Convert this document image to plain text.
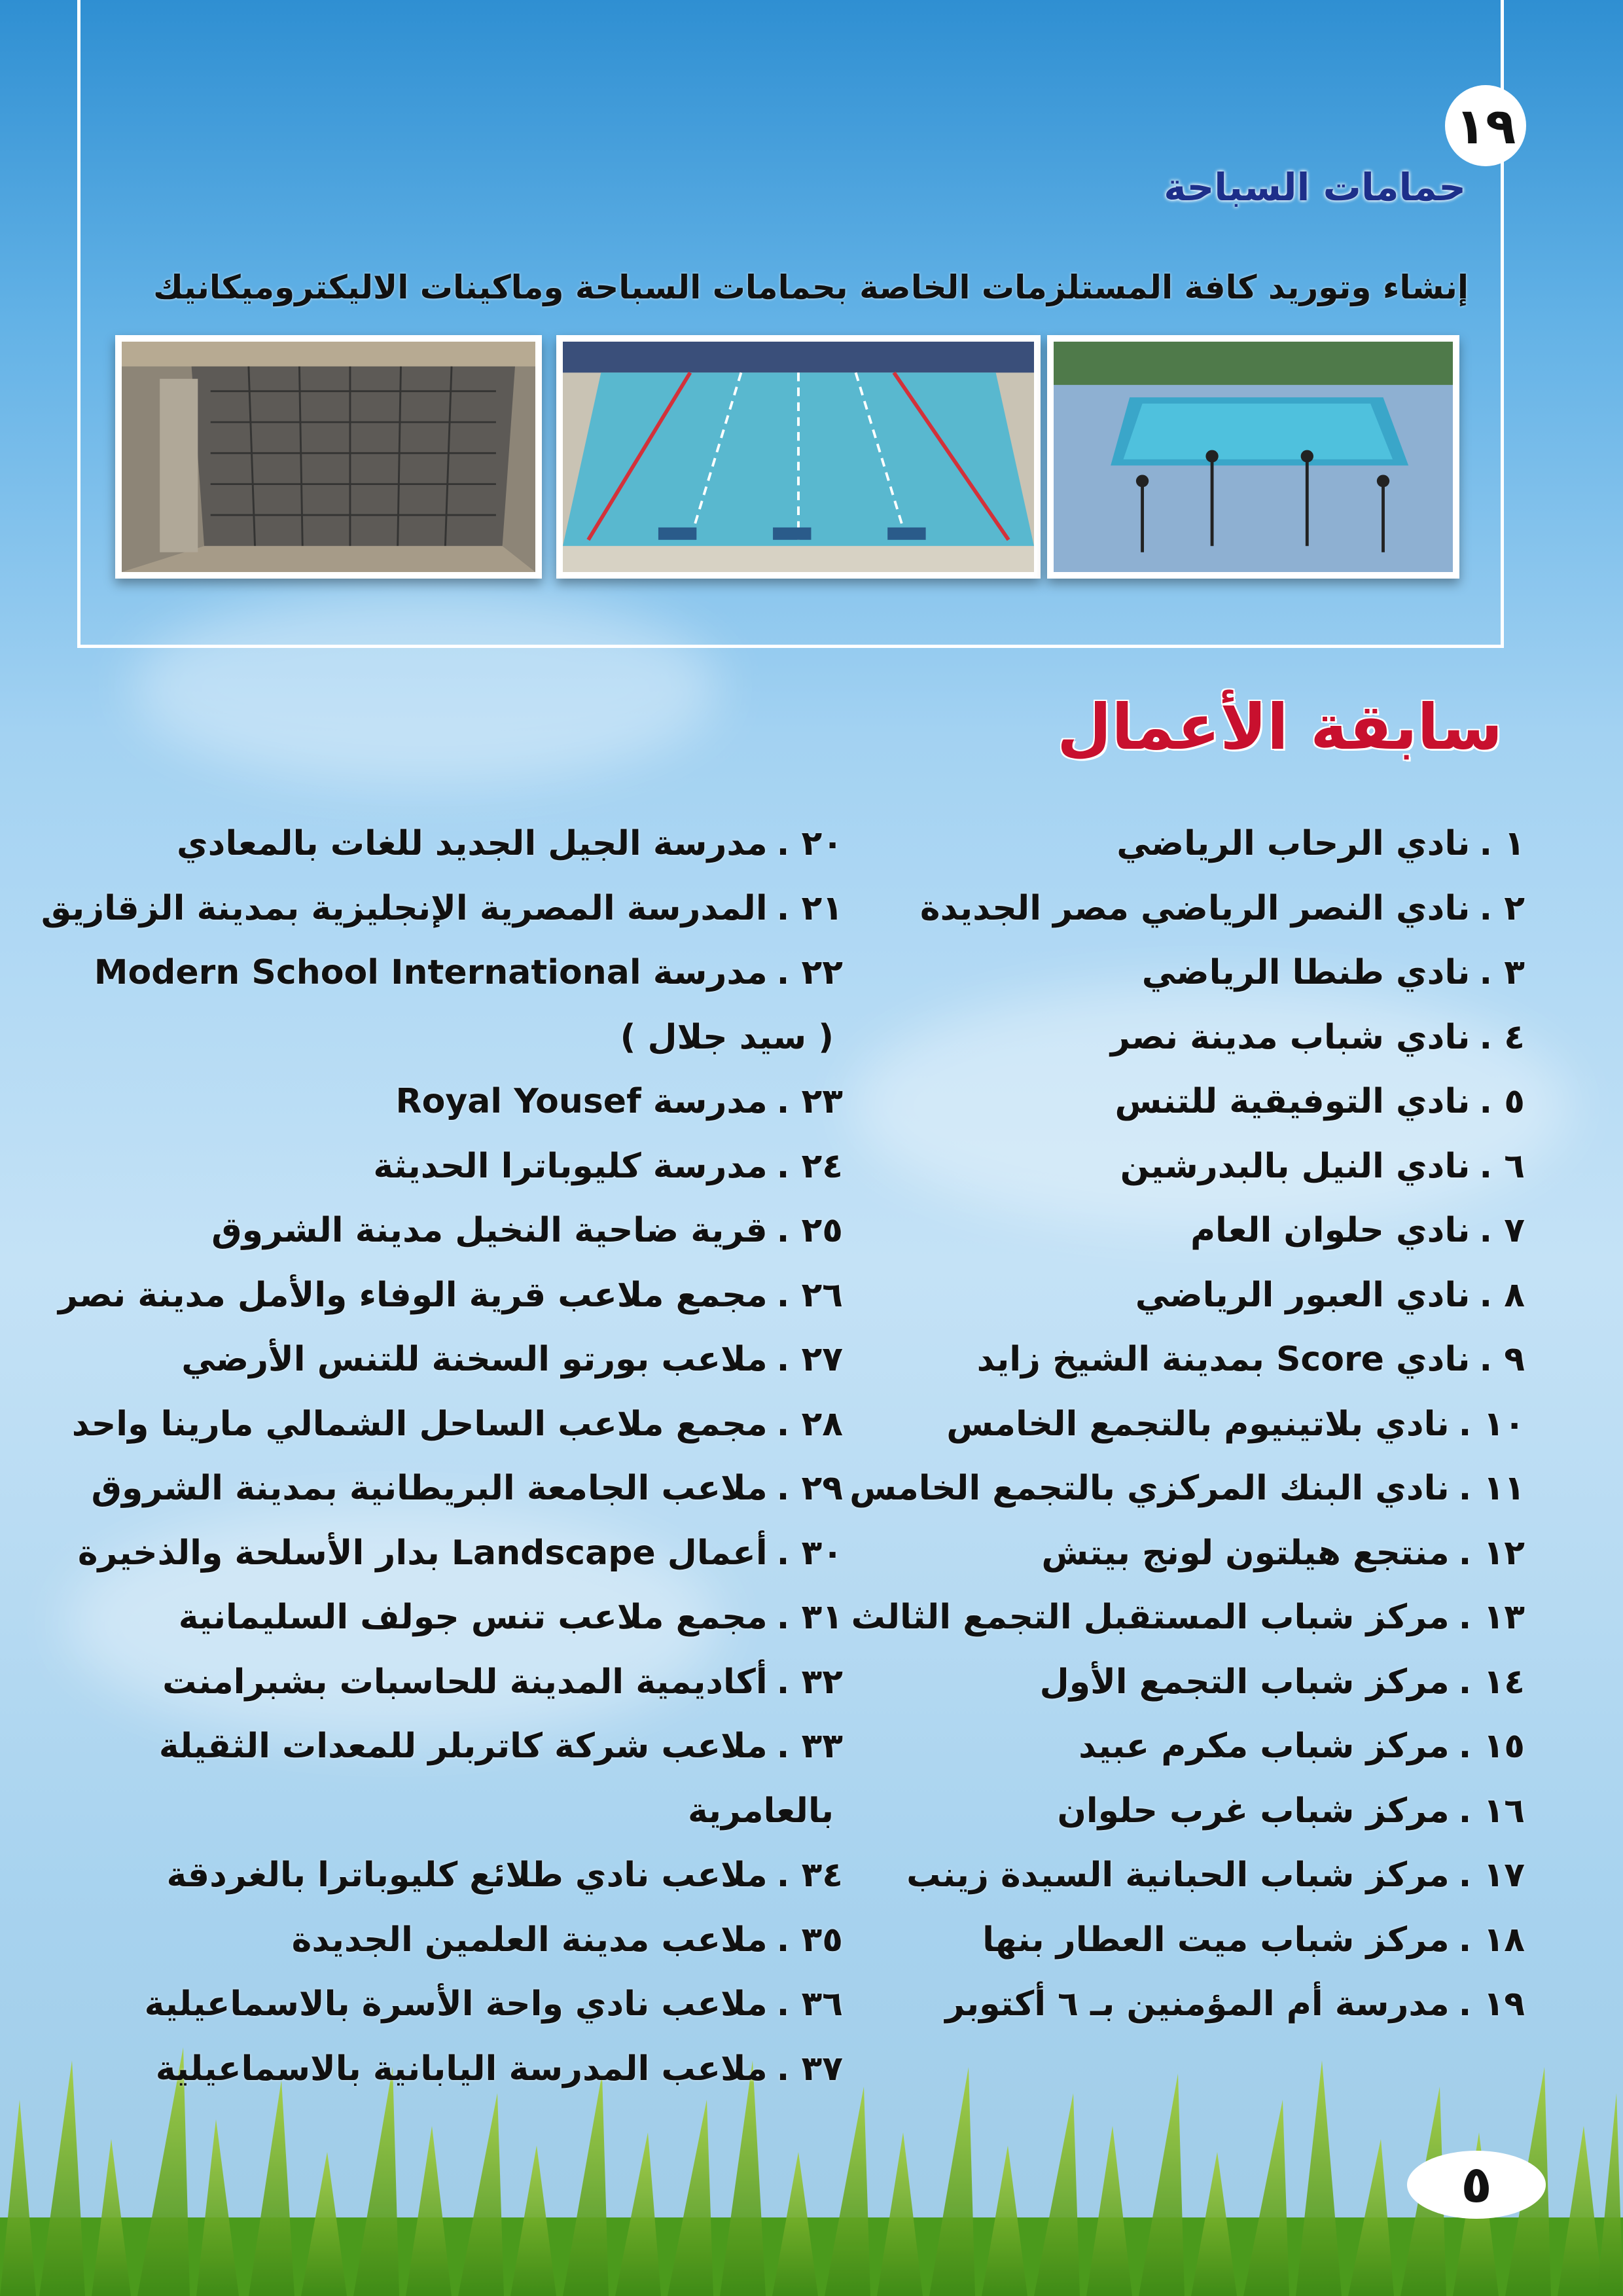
١٩
حمامات السباحة
إنشاء وتوريد كافة المستلزمات الخاصة بحمامات السباحة وماكينات الاليكتروميكانيك
سابقة الأعمال
١ .نادي الرحاب الرياضي
٢ .نادي النصر الرياضي مصر الجديدة
٣ .نادي طنطا الرياضي
٤ .نادي شباب مدينة نصر
٥ .نادي التوفيقية للتنس
٦ .نادي النيل بالبدرشين
٧ .نادي حلوان العام
٨ .نادي العبور الرياضي
٩ .نادي Score بمدينة الشيخ زايد
١٠ .نادي بلاتينيوم بالتجمع الخامس
١١ .نادي البنك المركزي بالتجمع الخامس
١٢ .منتجع هيلتون لونج بيتش
١٣ .مركز شباب المستقبل التجمع الثالث
١٤ .مركز شباب التجمع الأول
١٥ .مركز شباب مكرم عبيد
١٦ .مركز شباب غرب حلوان
١٧ .مركز شباب الحبانية السيدة زينب
١٨ .مركز شباب ميت العطار بنها
١٩ .مدرسة أم المؤمنين بـ ٦ أكتوبر
٢٠ .مدرسة الجيل الجديد للغات بالمعادي
٢١ .المدرسة المصرية الإنجليزية بمدينة الزقازيق
٢٢ .مدرسة Modern School International
( سيد جلال )
٢٣ .مدرسة Royal Yousef
٢٤ .مدرسة كليوباترا الحديثة
٢٥ .قرية ضاحية النخيل مدينة الشروق
٢٦ .مجمع ملاعب قرية الوفاء والأمل مدينة نصر
٢٧ .ملاعب بورتو السخنة للتنس الأرضي
٢٨ .مجمع ملاعب الساحل الشمالي مارينا واحد
٢٩ .ملاعب الجامعة البريطانية بمدينة الشروق
٣٠ .أعمال Landscape بدار الأسلحة والذخيرة
٣١ .مجمع ملاعب تنس جولف السليمانية
٣٢ .أكاديمية المدينة للحاسبات بشبرامنت
٣٣ .ملاعب شركة كاتربلر للمعدات الثقيلة
بالعامرية
٣٤ .ملاعب نادي طلائع كليوباترا بالغردقة
٣٥ .ملاعب مدينة العلمين الجديدة
٣٦ .ملاعب نادي واحة الأسرة بالاسماعيلية
٣٧ .ملاعب المدرسة اليابانية بالاسماعيلية
٥
